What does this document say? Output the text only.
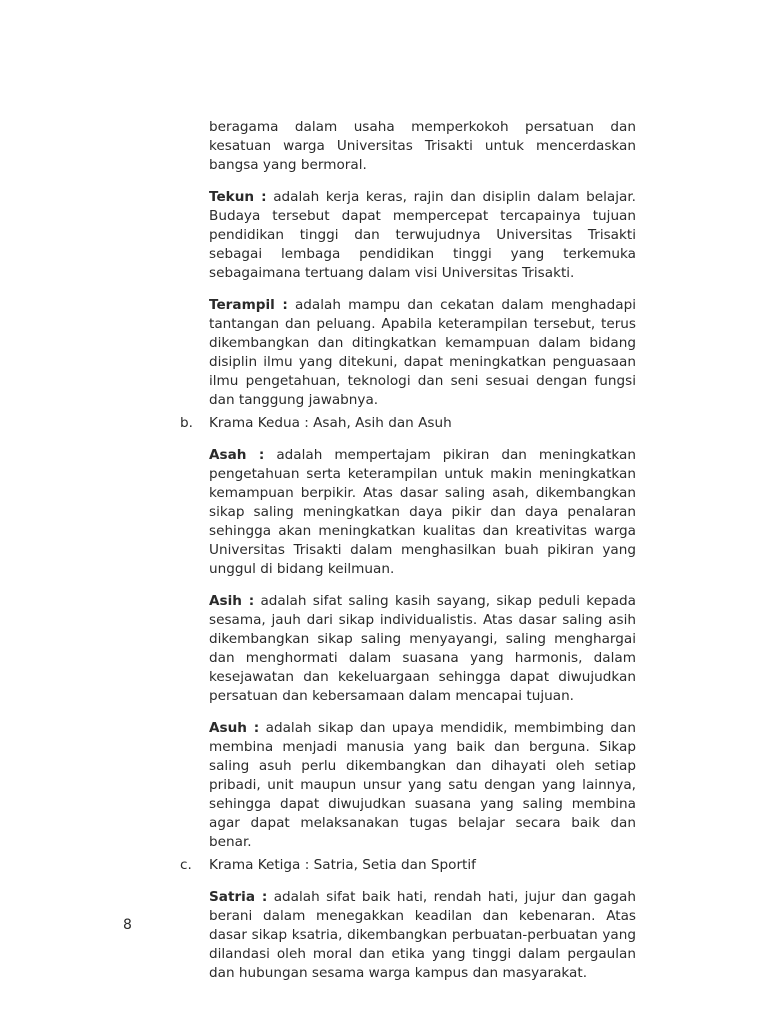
beragama dalam usaha memperkokoh persatuan dan kesatuan warga Universitas Trisakti untuk mencerdaskan bangsa yang bermoral.

Tekun : adalah kerja keras, rajin dan disiplin dalam belajar. Budaya tersebut dapat mempercepat tercapainya tujuan pendidikan tinggi dan terwujudnya Universitas Trisakti sebagai lembaga pendidikan tinggi yang terkemuka sebagaimana tertuang dalam visi Universitas Trisakti.

Terampil : adalah mampu dan cekatan dalam menghadapi tantangan dan peluang. Apabila keterampilan tersebut, terus dikembangkan dan ditingkatkan kemampuan dalam bidang disiplin ilmu yang ditekuni, dapat meningkatkan penguasaan ilmu pengetahuan, teknologi dan seni sesuai dengan fungsi dan tanggung jawabnya.

b. Krama Kedua : Asah, Asih dan Asuh

Asah : adalah mempertajam pikiran dan meningkatkan pengetahuan serta keterampilan untuk makin meningkatkan kemampuan berpikir. Atas dasar saling asah, dikembangkan sikap saling meningkatkan daya pikir dan daya penalaran sehingga akan meningkatkan kualitas dan kreativitas warga Universitas Trisakti dalam menghasilkan buah pikiran yang unggul di bidang keilmuan.

Asih : adalah sifat saling kasih sayang, sikap peduli kepada sesama, jauh dari sikap individualistis. Atas dasar saling asih dikembangkan sikap saling menyayangi, saling menghargai dan menghormati dalam suasana yang harmonis, dalam kesejawatan dan kekeluargaan sehingga dapat diwujudkan persatuan dan kebersamaan dalam mencapai tujuan.

Asuh : adalah sikap dan upaya mendidik, membimbing dan membina menjadi manusia yang baik dan berguna. Sikap saling asuh perlu dikembangkan dan dihayati oleh setiap pribadi, unit maupun unsur yang satu dengan yang lainnya, sehingga dapat diwujudkan suasana yang saling membina agar dapat melaksanakan tugas belajar secara baik dan benar.

c. Krama Ketiga : Satria, Setia dan Sportif

Satria : adalah sifat baik hati, rendah hati, jujur dan gagah berani dalam menegakkan keadilan dan kebenaran. Atas dasar sikap ksatria, dikembangkan perbuatan-perbuatan yang dilandasi oleh moral dan etika yang tinggi dalam pergaulan dan hubungan sesama warga kampus dan masyarakat.

8
